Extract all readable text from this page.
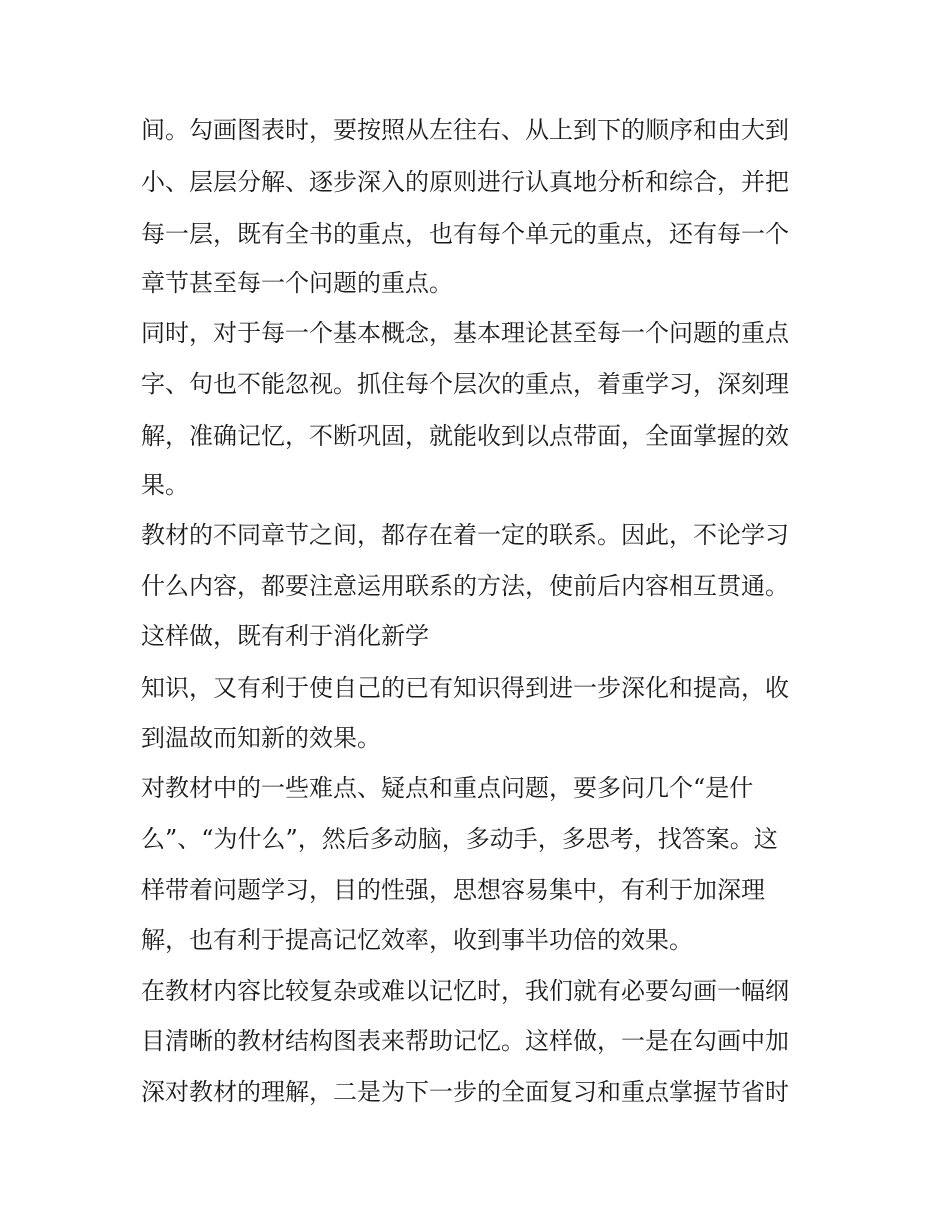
间。勾画图表时，要按照从左往右、从上到下的顺序和由大到
小、层层分解、逐步深入的原则进行认真地分析和综合，并把
每一层，既有全书的重点，也有每个单元的重点，还有每一个
章节甚至每一个问题的重点。
同时，对于每一个基本概念，基本理论甚至每一个问题的重点
字、句也不能忽视。抓住每个层次的重点，着重学习，深刻理
解，准确记忆，不断巩固，就能收到以点带面，全面掌握的效
果。
教材的不同章节之间，都存在着一定的联系。因此，不论学习
什么内容，都要注意运用联系的方法，使前后内容相互贯通。
这样做，既有利于消化新学
知识，又有利于使自己的已有知识得到进一步深化和提高，收
到温故而知新的效果。
对教材中的一些难点、疑点和重点问题，要多问几个“是什
么”、“为什么”，然后多动脑，多动手，多思考，找答案。这
样带着问题学习，目的性强，思想容易集中，有利于加深理
解，也有利于提高记忆效率，收到事半功倍的效果。
在教材内容比较复杂或难以记忆时，我们就有必要勾画一幅纲
目清晰的教材结构图表来帮助记忆。这样做，一是在勾画中加
深对教材的理解，二是为下一步的全面复习和重点掌握节省时
